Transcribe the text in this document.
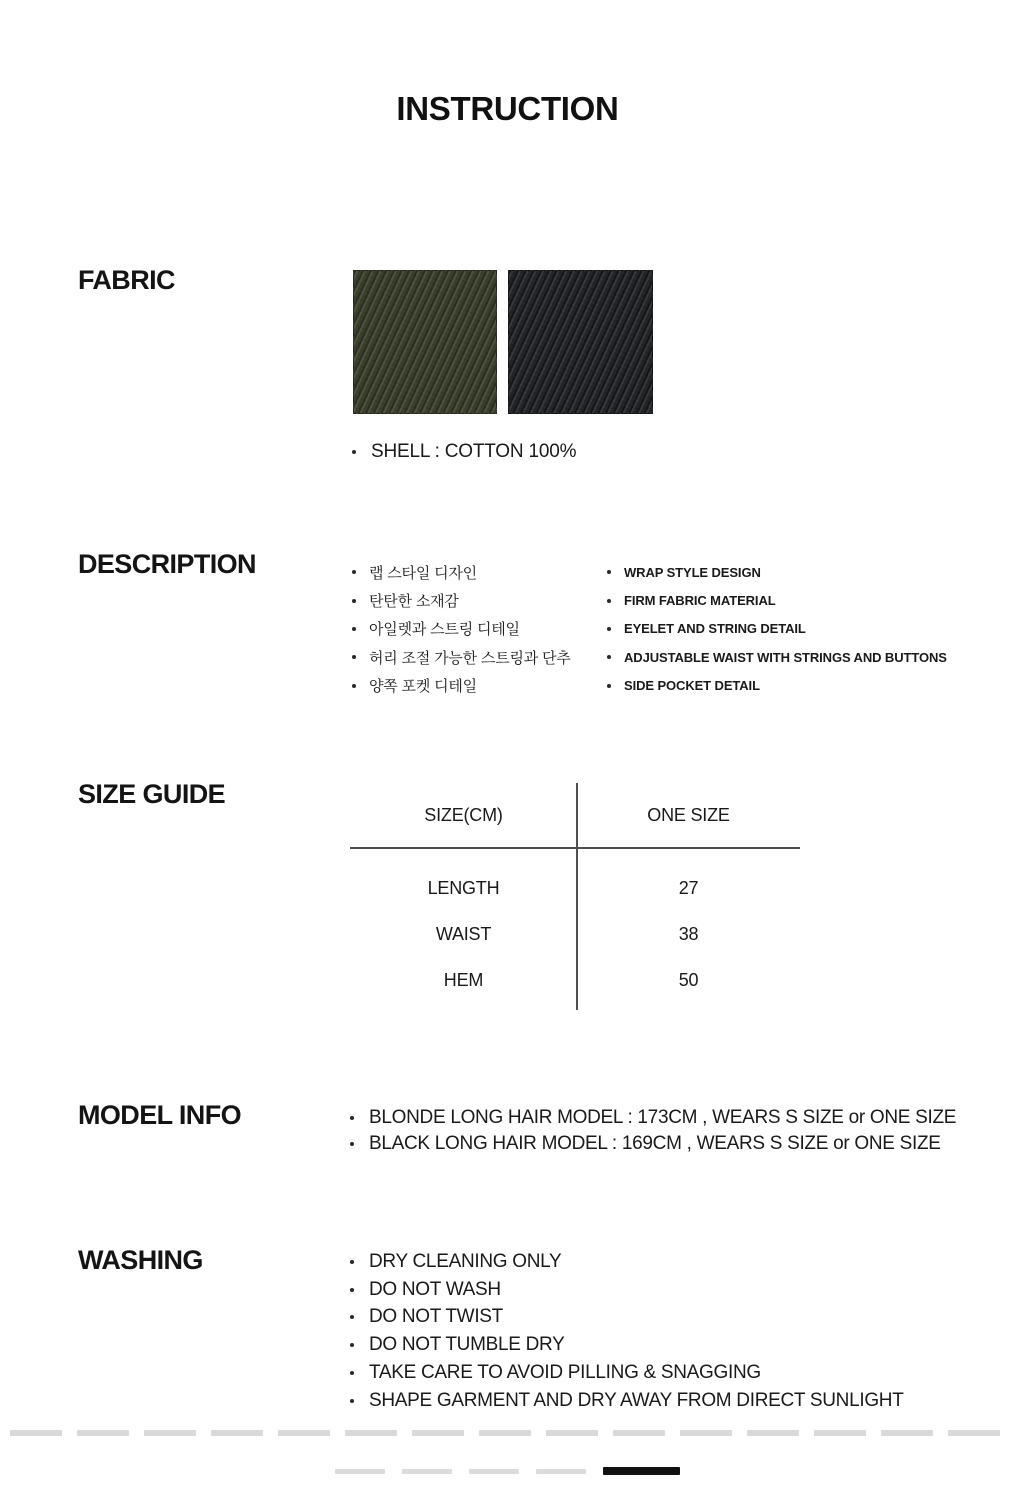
INSTRUCTION
FABRIC
SHELL : COTTON 100%
DESCRIPTION	랩 스타일 디자인
탄탄한 소재감
아일렛과 스트링 디테일
허리 조절 가능한 스트링과 단추
양쪽 포켓 디테일
WRAP STYLE DESIGN
FIRM FABRIC MATERIAL
EYELET AND STRING DETAIL
ADJUSTABLE WAIST WITH STRINGS AND BUTTONS
SIDE POCKET DETAIL
SIZE GUIDE
SIZE(CM)	ONE SIZE
LENGTH	27
WAIST	38
HEM	50
MODEL INFO	BLONDE LONG HAIR MODEL : 173CM , WEARS S SIZE or ONE SIZE
BLACK LONG HAIR MODEL : 169CM , WEARS S SIZE or ONE SIZE
WASHING	DRY CLEANING ONLY
DO NOT WASH
DO NOT TWIST
DO NOT TUMBLE DRY
TAKE CARE TO AVOID PILLING & SNAGGING
SHAPE GARMENT AND DRY AWAY FROM DIRECT SUNLIGHT
